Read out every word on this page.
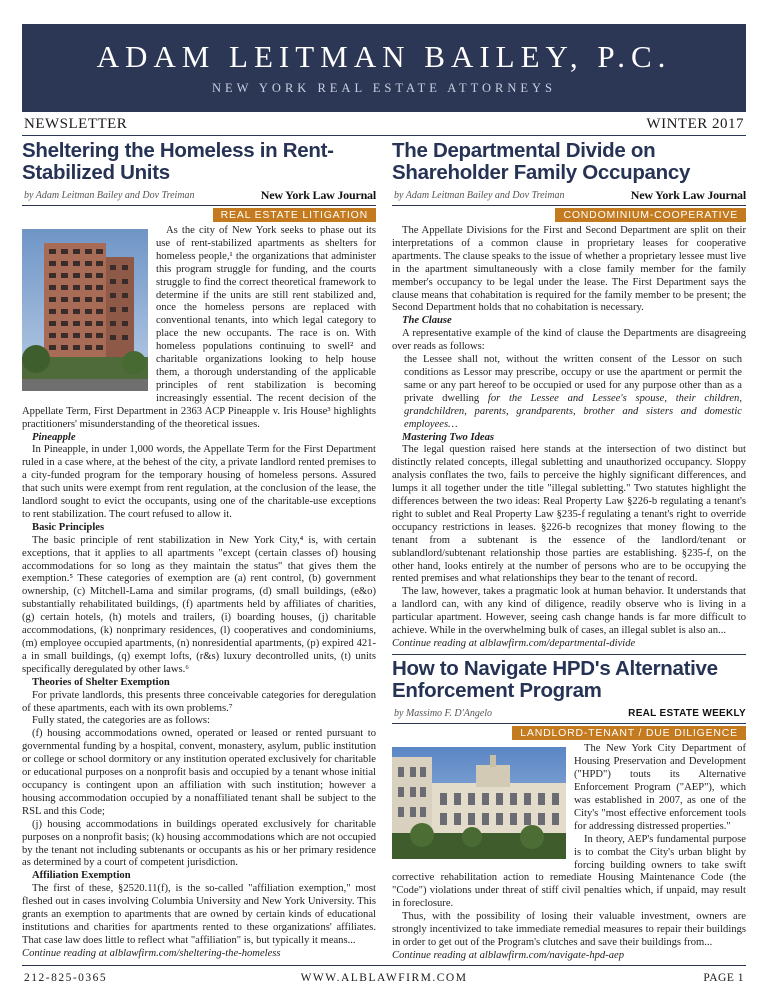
ADAM LEITMAN BAILEY, P.C.
NEW YORK REAL ESTATE ATTORNEYS
NEWSLETTER	WINTER 2017
Sheltering the Homeless in Rent-
Stabilized Units
by Adam Leitman Bailey and Dov Treiman	New York Law Journal
REAL ESTATE LITIGATION

As the city of New York seeks to phase out its use of rent-stabilized apartments as shelters for homeless people,¹ the organizations that administer this program struggle for funding, and the courts struggle to find the correct theoretical framework to determine if the units are still rent stabilized and, once the homeless persons are replaced with conventional tenants, into which legal category to place the new occupants. The race is on. With homeless populations continuing to swell² and charitable organizations looking to help house them, a thorough understanding of the applicable principles of rent stabilization is becoming increasingly essential. The recent decision of the Appellate Term, First Department in 2363 ACP Pineapple v. Iris House³ highlights practitioners' misunderstanding of the theoretical issues.

Pineapple

In Pineapple, in under 1,000 words, the Appellate Term for the First Department ruled in a case where, at the behest of the city, a private landlord rented premises to a city-funded program for the temporary housing of homeless persons. Assured that such units were exempt from rent regulation, at the conclusion of the lease, the landlord sought to evict the occupants, using one of the charitable-use exceptions to rent stabilization. The court refused to allow it.

Basic Principles

The basic principle of rent stabilization in New York City,⁴ is, with certain exceptions, that it applies to all apartments "except (certain classes of) housing accommodations for so long as they maintain the status" that gives them the exemption.⁵ These categories of exemption are (a) rent control, (b) government ownership, (c) Mitchell-Lama and similar programs, (d) small buildings, (e&o) substantially rehabilitated buildings, (f) apartments held by affiliates of charities, (g) certain hotels, (h) motels and trailers, (i) boarding houses, (j) charitable accommodations, (k) nonprimary residences, (l) cooperatives and condominiums, (m) employee occupied apartments, (n) nonresidential apartments, (p) expired 421-a in small buildings, (q) exempt lofts, (r&s) luxury decontrolled units, (t) units specifically deregulated by other laws.⁶

Theories of Shelter Exemption

For private landlords, this presents three conceivable categories for deregulation of these apartments, each with its own problems.⁷

Fully stated, the categories are as follows:

(f) housing accommodations owned, operated or leased or rented pursuant to governmental funding by a hospital, convent, monastery, asylum, public institution or college or school dormitory or any institution operated exclusively for charitable or educational purposes on a nonprofit basis and occupied by a tenant whose initial occupancy is contingent upon an affiliation with such institution; however a housing accommodation occupied by a nonaffiliated tenant shall be subject to the RSL and this Code;

(j) housing accommodations in buildings operated exclusively for charitable purposes on a nonprofit basis; (k) housing accommodations which are not occupied by the tenant not including subtenants or occupants as his or her primary residence as determined by a court of competent jurisdiction.

Affiliation Exemption

The first of these, §2520.11(f), is the so-called "affiliation exemption," most fleshed out in cases involving Columbia University and New York University. This grants an exemption to apartments that are owned by certain kinds of educational institutions and charities for apartments rented to these organizations' affiliates. That case law does little to reflect what "affiliation" is, but typically it means...

Continue reading at alblawfirm.com/sheltering-the-homeless

The Departmental Divide on
Shareholder Family Occupancy
by Adam Leitman Bailey and Dov Treiman	New York Law Journal
CONDOMINIUM-COOPERATIVE

The Appellate Divisions for the First and Second Department are split on their interpretations of a common clause in proprietary leases for cooperative apartments. The clause speaks to the issue of whether a proprietary lessee must live in the apartment simultaneously with a close family member for the family member's occupancy to be legal under the lease. The First Department says the clause means that cohabitation is required for the family member to be present; the Second Department holds that no cohabitation is necessary.

The Clause

A representative example of the kind of clause the Departments are disagreeing over reads as follows:

the Lessee shall not, without the written consent of the Lessor on such conditions as Lessor may prescribe, occupy or use the apartment or permit the same or any part hereof to be occupied or used for any purpose other than as a private dwelling for the Lessee and Lessee's spouse, their children, grandchildren, parents, grandparents, brother and sisters and domestic employees…

Mastering Two Ideas

The legal question raised here stands at the intersection of two distinct but distinctly related concepts, illegal subletting and unauthorized occupancy. Sloppy analysis conflates the two, fails to perceive the highly significant differences, and lumps it all together under the title "illegal subletting." Two statutes highlight the differences between the two ideas: Real Property Law §226-b regulating a tenant's right to sublet and Real Property Law §235-f regulating a tenant's right to override occupancy restrictions in leases. §226-b recognizes that money flowing to the tenant from a subtenant is the essence of the landlord/tenant or sublandlord/subtenant relationship those parties are establishing. §235-f, on the other hand, looks entirely at the number of persons who are to be occupying the rented premises and what relationships they bear to the tenant of record.

The law, however, takes a pragmatic look at human behavior. It understands that a landlord can, with any kind of diligence, readily observe who is living in a particular apartment. However, seeing cash change hands is far more difficult to achieve. While in the overwhelming bulk of cases, an illegal sublet is also an...

Continue reading at alblawfirm.com/departmental-divide

How to Navigate HPD's Alternative
Enforcement Program
by Massimo F. D'Angelo	REAL ESTATE WEEKLY
LANDLORD-TENANT / DUE DILIGENCE

The New York City Department of Housing Preservation and Development ("HPD") touts its Alternative Enforcement Program ("AEP"), which was established in 2007, as one of the City's "most effective enforcement tools for addressing distressed properties."

In theory, AEP's fundamental purpose is to combat the City's urban blight by forcing building owners to take swift corrective rehabilitation action to remediate Housing Maintenance Code (the "Code") violations under threat of stiff civil penalties which, if unpaid, may result in foreclosure.

Thus, with the possibility of losing their valuable investment, owners are strongly incentivized to take immediate remedial measures to repair their buildings in order to get out of the Program's clutches and save their buildings from...

Continue reading at alblawfirm.com/navigate-hpd-aep

212-825-0365	WWW.ALBLAWFIRM.COM	PAGE 1
